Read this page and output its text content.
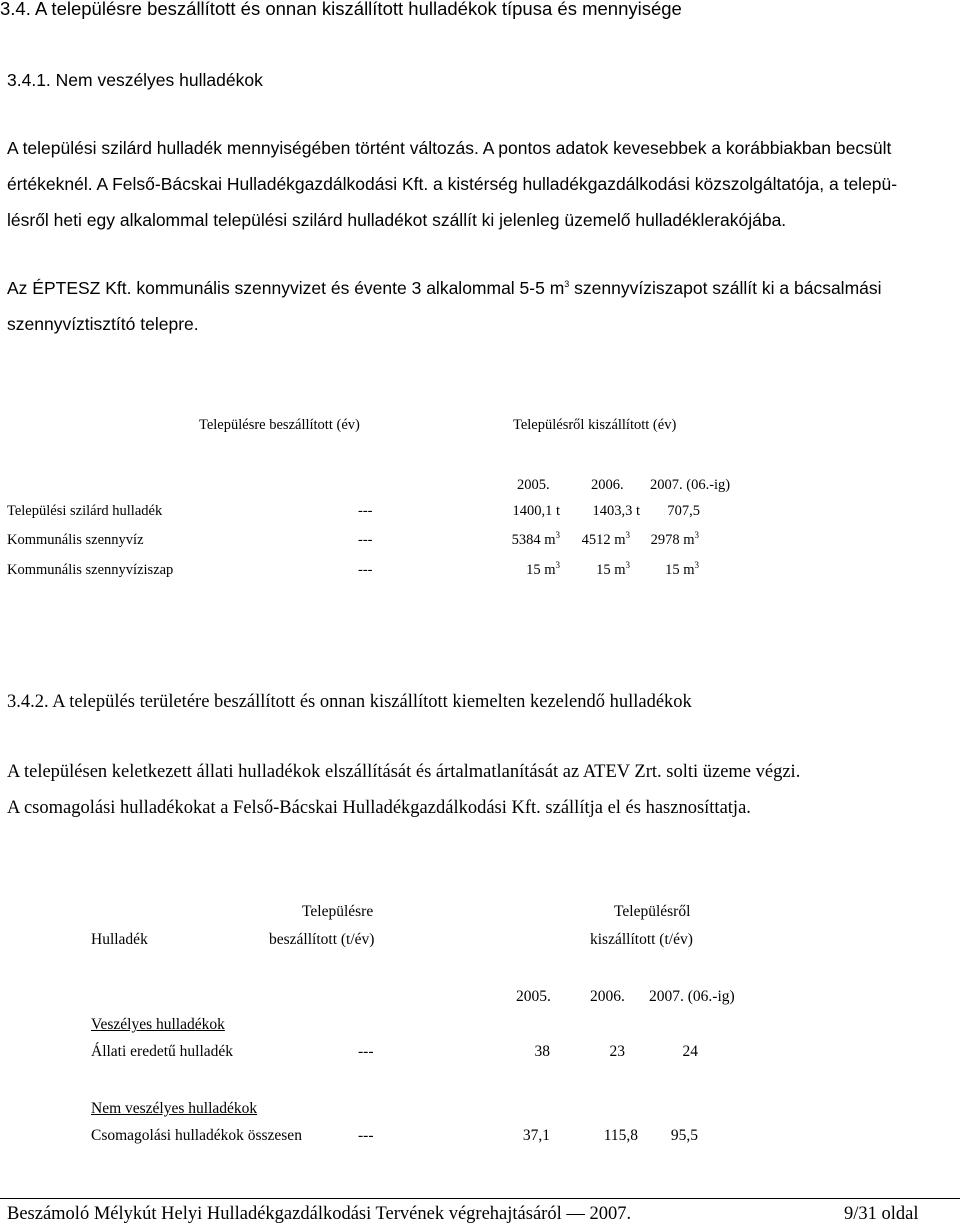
3.4. A településre beszállított és onnan kiszállított hulladékok típusa és mennyisége
3.4.1. Nem veszélyes hulladékok
A települési szilárd hulladék mennyiségében történt változás. A pontos adatok kevesebbek a korábbiakban becsült
értékeknél. A Felső-Bácskai Hulladékgazdálkodási Kft. a kistérség hulladékgazdálkodási közszolgáltatója, a telepü-
lésről heti egy alkalommal települési szilárd hulladékot szállít ki jelenleg üzemelő hulladéklerakójába.
Az ÉPTESZ Kft. kommunális szennyvizet és évente 3 alkalommal 5-5 $m^3$ szennyvíziszapot szállít ki a bácsalmási
szennyvíztisztító telepre.
Településre beszállított (év)	Településről kiszállított (év)
2005.	2006. 2007. (06.-ig)
Települési szilárd hulladék	---	1400,1 t	1403,3 t	707,5
Kommunális szennyvíz	---	5384 $m^3$	4512 $m^3$	2978 $m^3$
Kommunális szennyvíziszap	---	15 $m^3$	15 $m^3$	15 $m^3$
3.4.2. A település területére beszállított és onnan kiszállított kiemelten kezelendő hulladékok
A településen keletkezett állati hulladékok elszállítását és ártalmatlanítását az ATEV Zrt. solti üzeme végzi.
A csomagolási hulladékokat a Felső-Bácskai Hulladékgazdálkodási Kft. szállítja el és hasznosíttatja.
Településre	Településről
Hulladék	beszállított (t/év)	kiszállított (t/év)
2005.	2006. 2007. (06.-ig)
Veszélyes hulladékok
Állati eredetű hulladék	---	38	23	24
Nem veszélyes hulladékok
Csomagolási hulladékok összesen	---	37,1	115,8	95,5
Beszámoló Mélykút Helyi Hulladékgazdálkodási Tervének végrehajtásáról — 2007.	9/31 oldal
